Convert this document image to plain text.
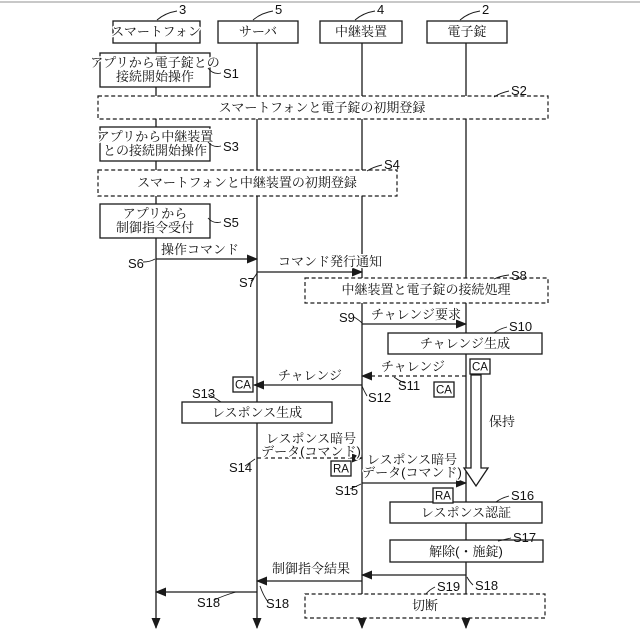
スマートフォンと電子錠の初期登録
スマートフォンと中継装置の初期登録
中継装置と電子錠の接続処理
切断
スマートフォン
3
サーバ
5
中継装置
4
電子錠
2
アプリから電子錠との
接続開始操作
アプリから中継装置
との接続開始操作
アプリから
制御指令受付
チャレンジ生成
レスポンス生成
レスポンス認証
解除(・施錠)
保持
操作コマンド
コマンド発行通知
チャレンジ要求
チャレンジ
チャレンジ
レスポンス暗号
データ(コマンド)
レスポンス暗号
データ(コマンド)
制御指令結果
CA
CA
CA
RA
RA
S1
S2
S3
S4
S5
S6
S7	S8
S9
S10
S11
S12
S13
S14
S15	S16
S17
S18
S19
S18
S18
